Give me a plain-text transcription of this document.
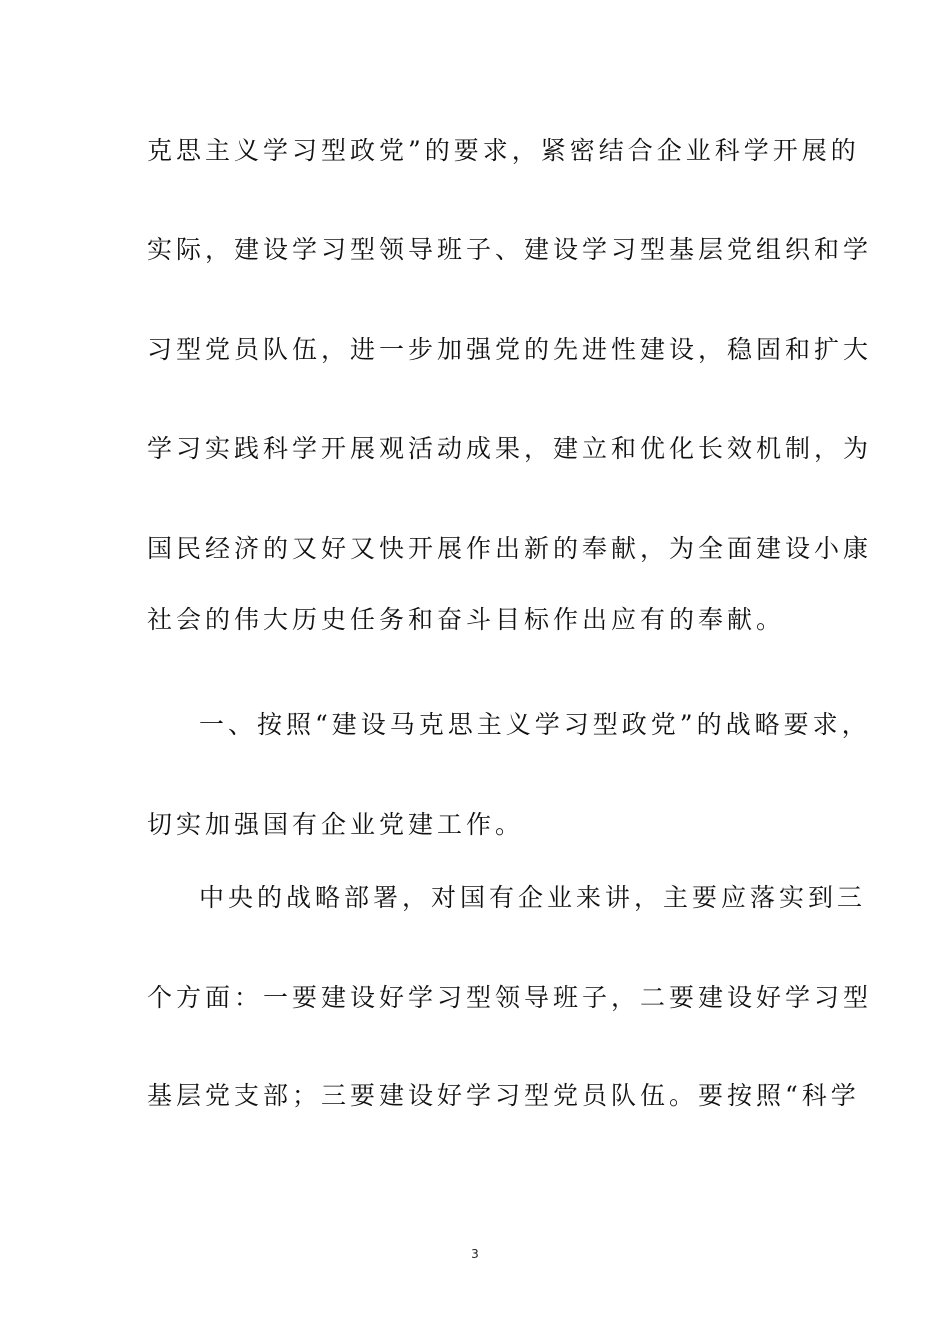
克思主义学习型政党”的要求，紧密结合企业科学开展的
实际，建设学习型领导班子、建设学习型基层党组织和学
习型党员队伍，进一步加强党的先进性建设，稳固和扩大
学习实践科学开展观活动成果，建立和优化长效机制，为
国民经济的又好又快开展作出新的奉献，为全面建设小康
社会的伟大历史任务和奋斗目标作出应有的奉献。
一、按照“建设马克思主义学习型政党”的战略要求，
切实加强国有企业党建工作。
中央的战略部署，对国有企业来讲，主要应落实到三
个方面：一要建设好学习型领导班子，二要建设好学习型
基层党支部；三要建设好学习型党员队伍。要按照“科学
3
